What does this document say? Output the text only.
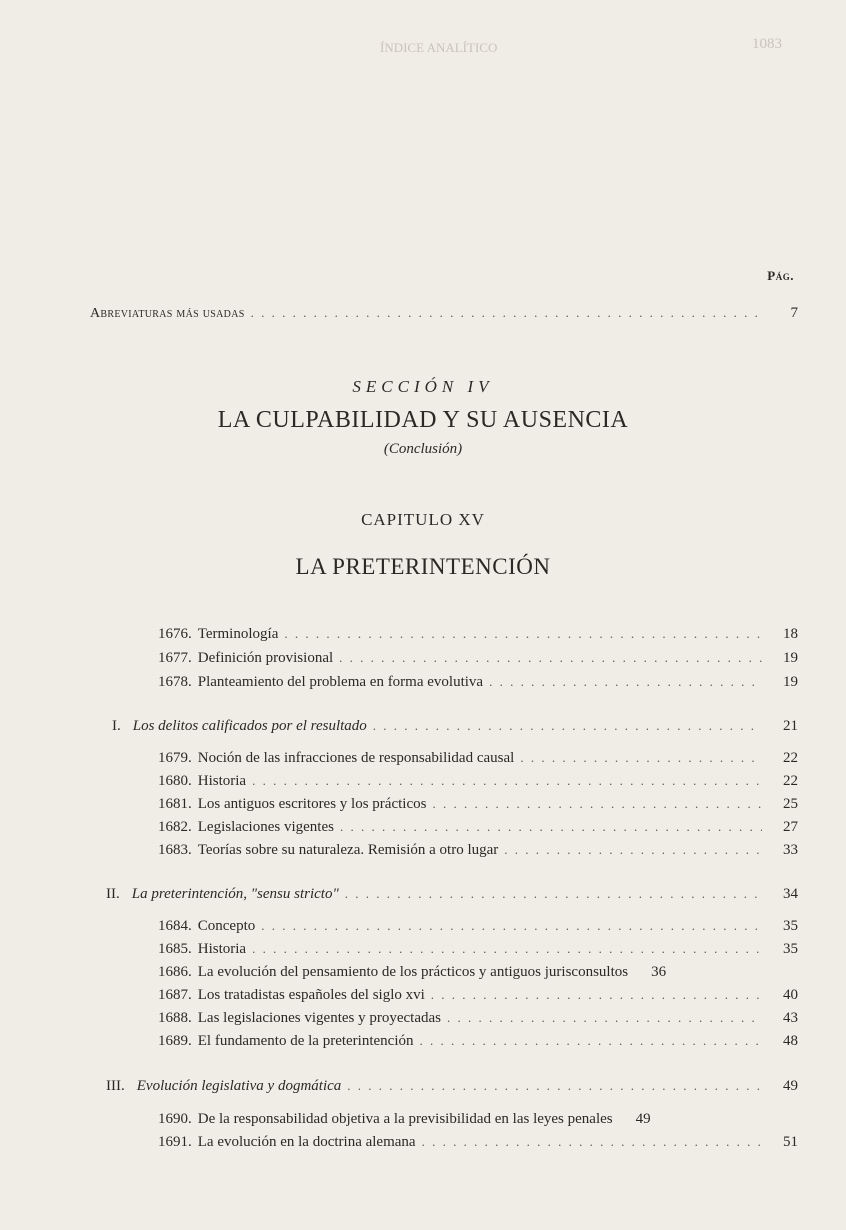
ÍNDICE ANALÍTICO	1083
Pág.
Abreviaturas más usadas . . .	7
SECCIÓN IV
LA CULPABILIDAD Y SU AUSENCIA
(Conclusión)
CAPITULO XV
LA PRETERINTENCIÓN
1676. Terminología . . .	18
1677. Definición provisional . . .	19
1678. Planteamiento del problema en forma evolutiva . . .	19
I. Los delitos calificados por el resultado . . .	21
1679. Noción de las infracciones de responsabilidad causal . . .	22
1680. Historia . . .	22
1681. Los antiguos escritores y los prácticos . . .	25
1682. Legislaciones vigentes . . .	27
1683. Teorías sobre su naturaleza. Remisión a otro lugar . . .	33
II. La preterintención, "sensu stricto" . . .	34
1684. Concepto . . .	35
1685. Historia . . .	35
1686. La evolución del pensamiento de los prácticos y antiguos jurisconsultos	36
1687. Los tratadistas españoles del siglo xvi . . .	40
1688. Las legislaciones vigentes y proyectadas . . .	43
1689. El fundamento de la preterintención . . .	48
III. Evolución legislativa y dogmática . . .	49
1690. De la responsabilidad objetiva a la previsibilidad en las leyes penales	49
1691. La evolución en la doctrina alemana . . .	51
